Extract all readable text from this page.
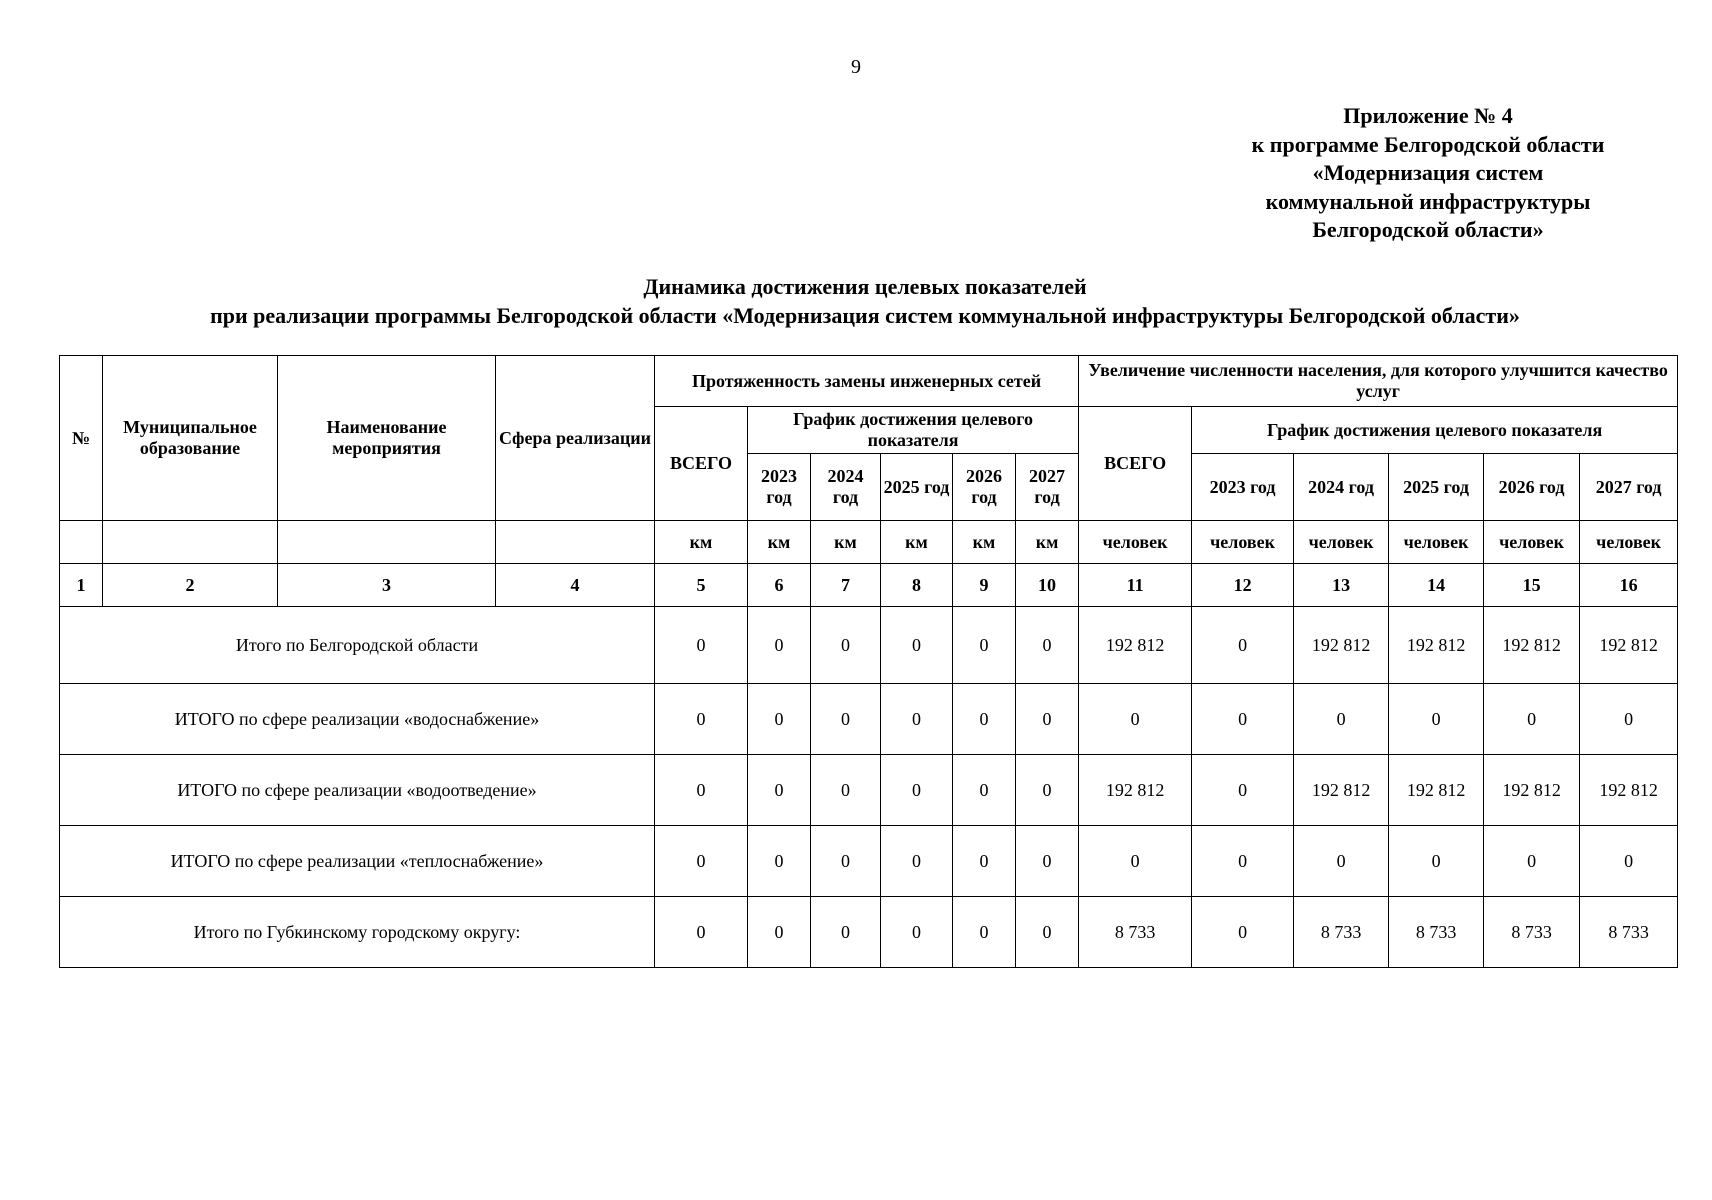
9
Приложение № 4
к программе Белгородской области
«Модернизация систем
коммунальной инфраструктуры
Белгородской области»
Динамика достижения целевых показателей
при реализации программы Белгородской области «Модернизация систем коммунальной инфраструктуры Белгородской области»
№	Муниципальное образование	Наименование мероприятия	Сфера реализации	Протяженность замены инженерных сетей						Увеличение численности населения, для которого улучшится качество услуг					
				ВСЕГО	График достижения целевого показателя					ВСЕГО	График достижения целевого показателя				
					2023 год	2024 год	2025 год	2026 год	2027 год		2023 год	2024 год	2025 год	2026 год	2027 год
				км	км	км	км	км	км	человек	человек	человек	человек	человек	человек
1	2	3	4	5	6	7	8	9	10	11	12	13	14	15	16
Итого по Белгородской области				0	0	0	0	0	0	192 812	0	192 812	192 812	192 812	192 812
ИТОГО по сфере реализации «водоснабжение»				0	0	0	0	0	0	0	0	0	0	0	0
ИТОГО по сфере реализации «водоотведение»				0	0	0	0	0	0	192 812	0	192 812	192 812	192 812	192 812
ИТОГО по сфере реализации «теплоснабжение»				0	0	0	0	0	0	0	0	0	0	0	0
Итого по Губкинскому городскому округу:				0	0	0	0	0	0	8 733	0	8 733	8 733	8 733	8 733
